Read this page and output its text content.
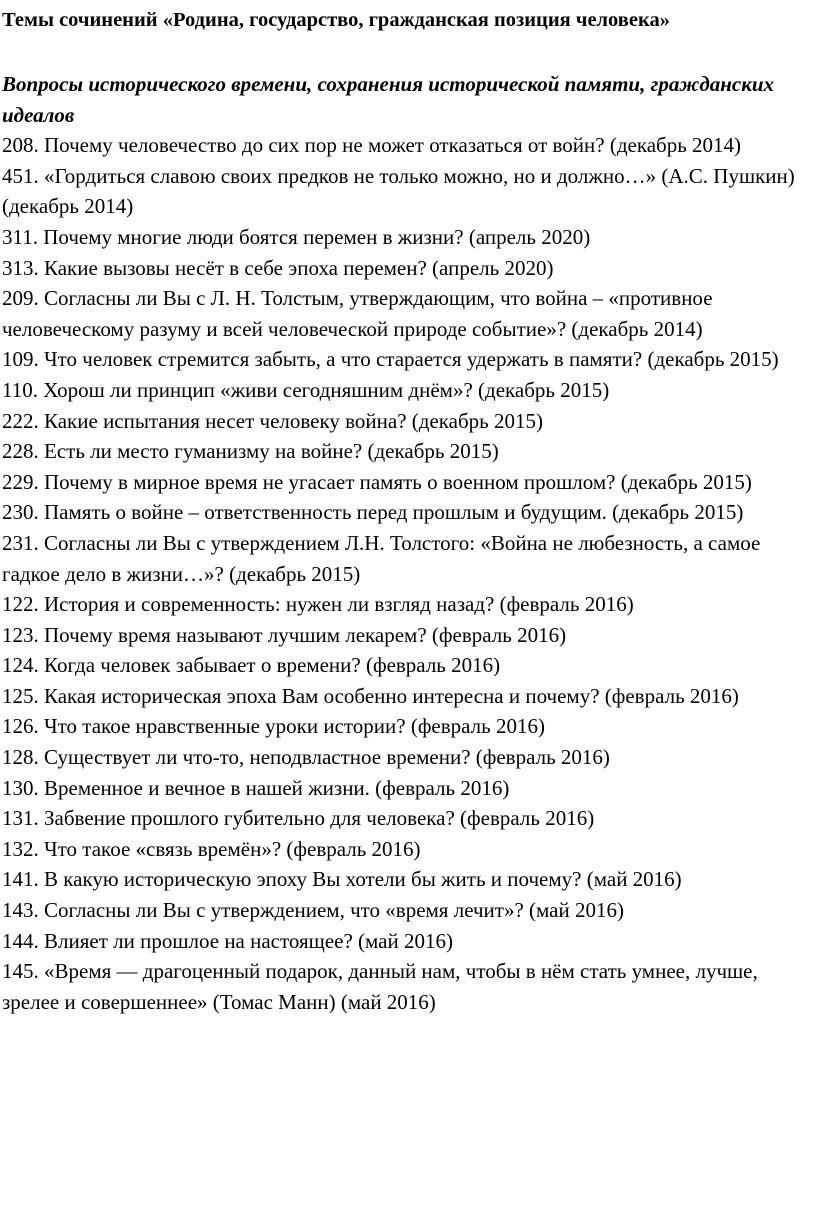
Темы сочинений «Родина, государство, гражданская позиция человека»
Вопросы исторического времени, сохранения исторической памяти, гражданских идеалов
208. Почему человечество до сих пор не может отказаться от войн? (декабрь 2014)
451. «Гордиться славою своих предков не только можно, но и должно…» (А.С. Пушкин) (декабрь 2014)
311. Почему многие люди боятся перемен в жизни? (апрель 2020)
313. Какие вызовы несёт в себе эпоха перемен? (апрель 2020)
209. Согласны ли Вы с Л. Н. Толстым, утверждающим, что война – «противное человеческому разуму и всей человеческой природе событие»? (декабрь 2014)
109. Что человек стремится забыть, а что старается удержать в памяти? (декабрь 2015)
110. Хорош ли принцип «живи сегодняшним днём»? (декабрь 2015)
222. Какие испытания несет человеку война? (декабрь 2015)
228. Есть ли место гуманизму на войне? (декабрь 2015)
229. Почему в мирное время не угасает память о военном прошлом? (декабрь 2015)
230. Память о войне – ответственность перед прошлым и будущим. (декабрь 2015)
231. Согласны ли Вы с утверждением Л.Н. Толстого: «Война не любезность, а самое гадкое дело в жизни…»? (декабрь 2015)
122. История и современность: нужен ли взгляд назад? (февраль 2016)
123. Почему время называют лучшим лекарем? (февраль 2016)
124. Когда человек забывает о времени? (февраль 2016)
125. Какая историческая эпоха Вам особенно интересна и почему? (февраль 2016)
126. Что такое нравственные уроки истории? (февраль 2016)
128. Существует ли что-то, неподвластное времени? (февраль 2016)
130. Временное и вечное в нашей жизни. (февраль 2016)
131. Забвение прошлого губительно для человека? (февраль 2016)
132. Что такое «связь времён»? (февраль 2016)
141. В какую историческую эпоху Вы хотели бы жить и почему? (май 2016)
143. Согласны ли Вы с утверждением, что «время лечит»? (май 2016)
144. Влияет ли прошлое на настоящее? (май 2016)
145. «Время — драгоценный подарок, данный нам, чтобы в нём стать умнее, лучше, зрелее и совершеннее» (Томас Манн) (май 2016)
